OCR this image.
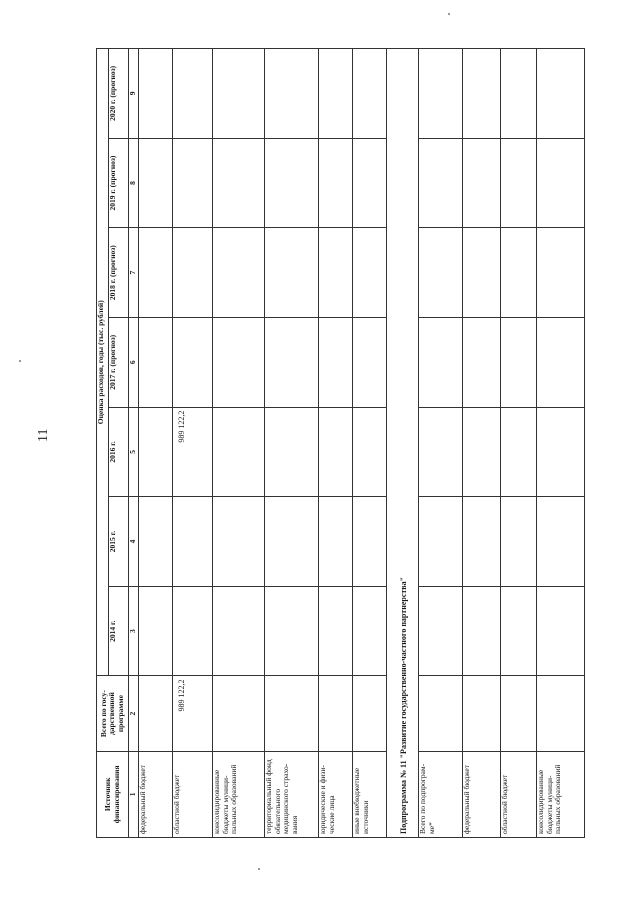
11
Источник финансирования	Всего по госу-дарственной программе	Оценка расходов, годы (тыс. рублей)						
		2014 г.	2015 г.	2016 г.	2017 г. (прогноз)	2018 г. (прогноз)	2019 г. (прогноз)	2020 г. (прогноз)
1	2	3	4	5	6	7	8	9
федеральный бюджет								
областной бюджет	989 122,2			989 122,2				
консолидированные бюджеты муници-пальных образований								
территориальный фонд обязательного медицинского страхо-вания								
юридические и физи-ческие лица								
иные внебюджетные источники								
Подпрограмма № 11 "Развитие государственно-частного партнерства"								
Всего по подпрограм-ме*								
федеральный бюджет								
областной бюджет								
консолидированные бюджеты муници-пальных образований								
